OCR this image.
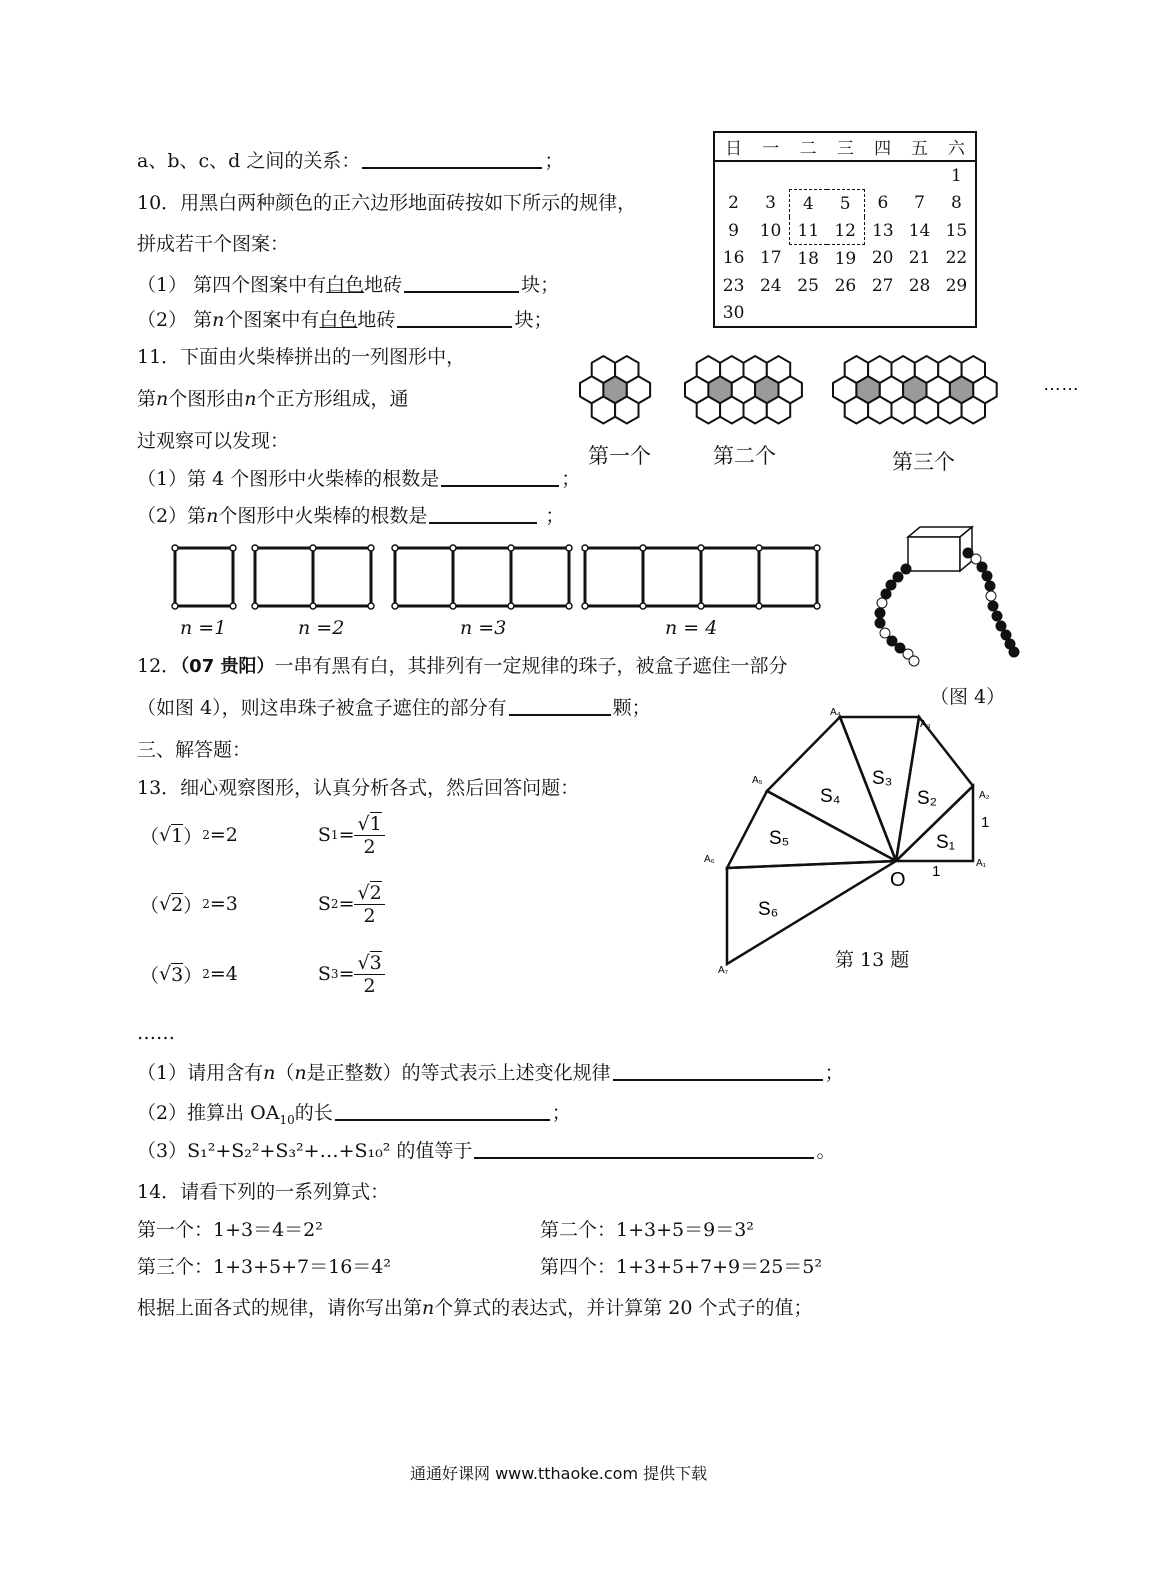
a、b、c、d 之间的关系：	；
日	一	二	三	四	五	六
						1
2	3	4	5	6	7	8
9	10	11	12	13	14	15
16	17	18	19	20	21	22
23	24	25	26	27	28	29
30						
10．用黑白两种颜色的正六边形地面砖按如下所示的规律，
拼成若干个图案：
（1） 第四个图案中有白色地砖	块；
（2） 第n个图案中有白色地砖	块；
……
第一个	第二个	第三个
11．下面由火柴棒拼出的一列图形中，
第n个图形由n个正方形组成，通
过观察可以发现：
（1）第 4 个图形中火柴棒的根数是	；
（2）第n个图形中火柴棒的根数是	；
n =1	n =2	n =3	n = 4
（图 4）
12．（07 贵阳）一串有黑有白，其排列有一定规律的珠子，被盒子遮住一部分
（如图 4），则这串珠子被盒子遮住的部分有	颗；
三、解答题：
13．细心观察图形，认真分析各式，然后回答问题：
（ √ 1 ） 2 =2	S $1 = \frac{√1}{2}$
（ √ 2 ） 2 =3	S $2 = \frac{√2}{2}$
（ √ 3 ） 2 =4	S $3 = \frac{√3}{2}$
……
（1）请用含有n（n是正整数）的等式表示上述变化规律	；
（2）推算出 $OA_{10}$的长	；
（3）S₁²+S₂²+S₃²+…+S₁₀² 的值等于	。
A₄
A₃
A₅
A₂
A₁
A₆
A₇
O
1
1
S₁
S₂
S₃
S₄
S₅
S₆
第 13 题
14．请看下列的一系列算式：
第一个：1+3＝4＝2²	第二个：1+3+5＝9＝3²
第三个：1+3+5+7＝16＝4²	第四个：1+3+5+7+9＝25＝5²
根据上面各式的规律，请你写出第n个算式的表达式，并计算第 20 个式子的值；
通通好课网 www.tthaoke.com 提供下载
